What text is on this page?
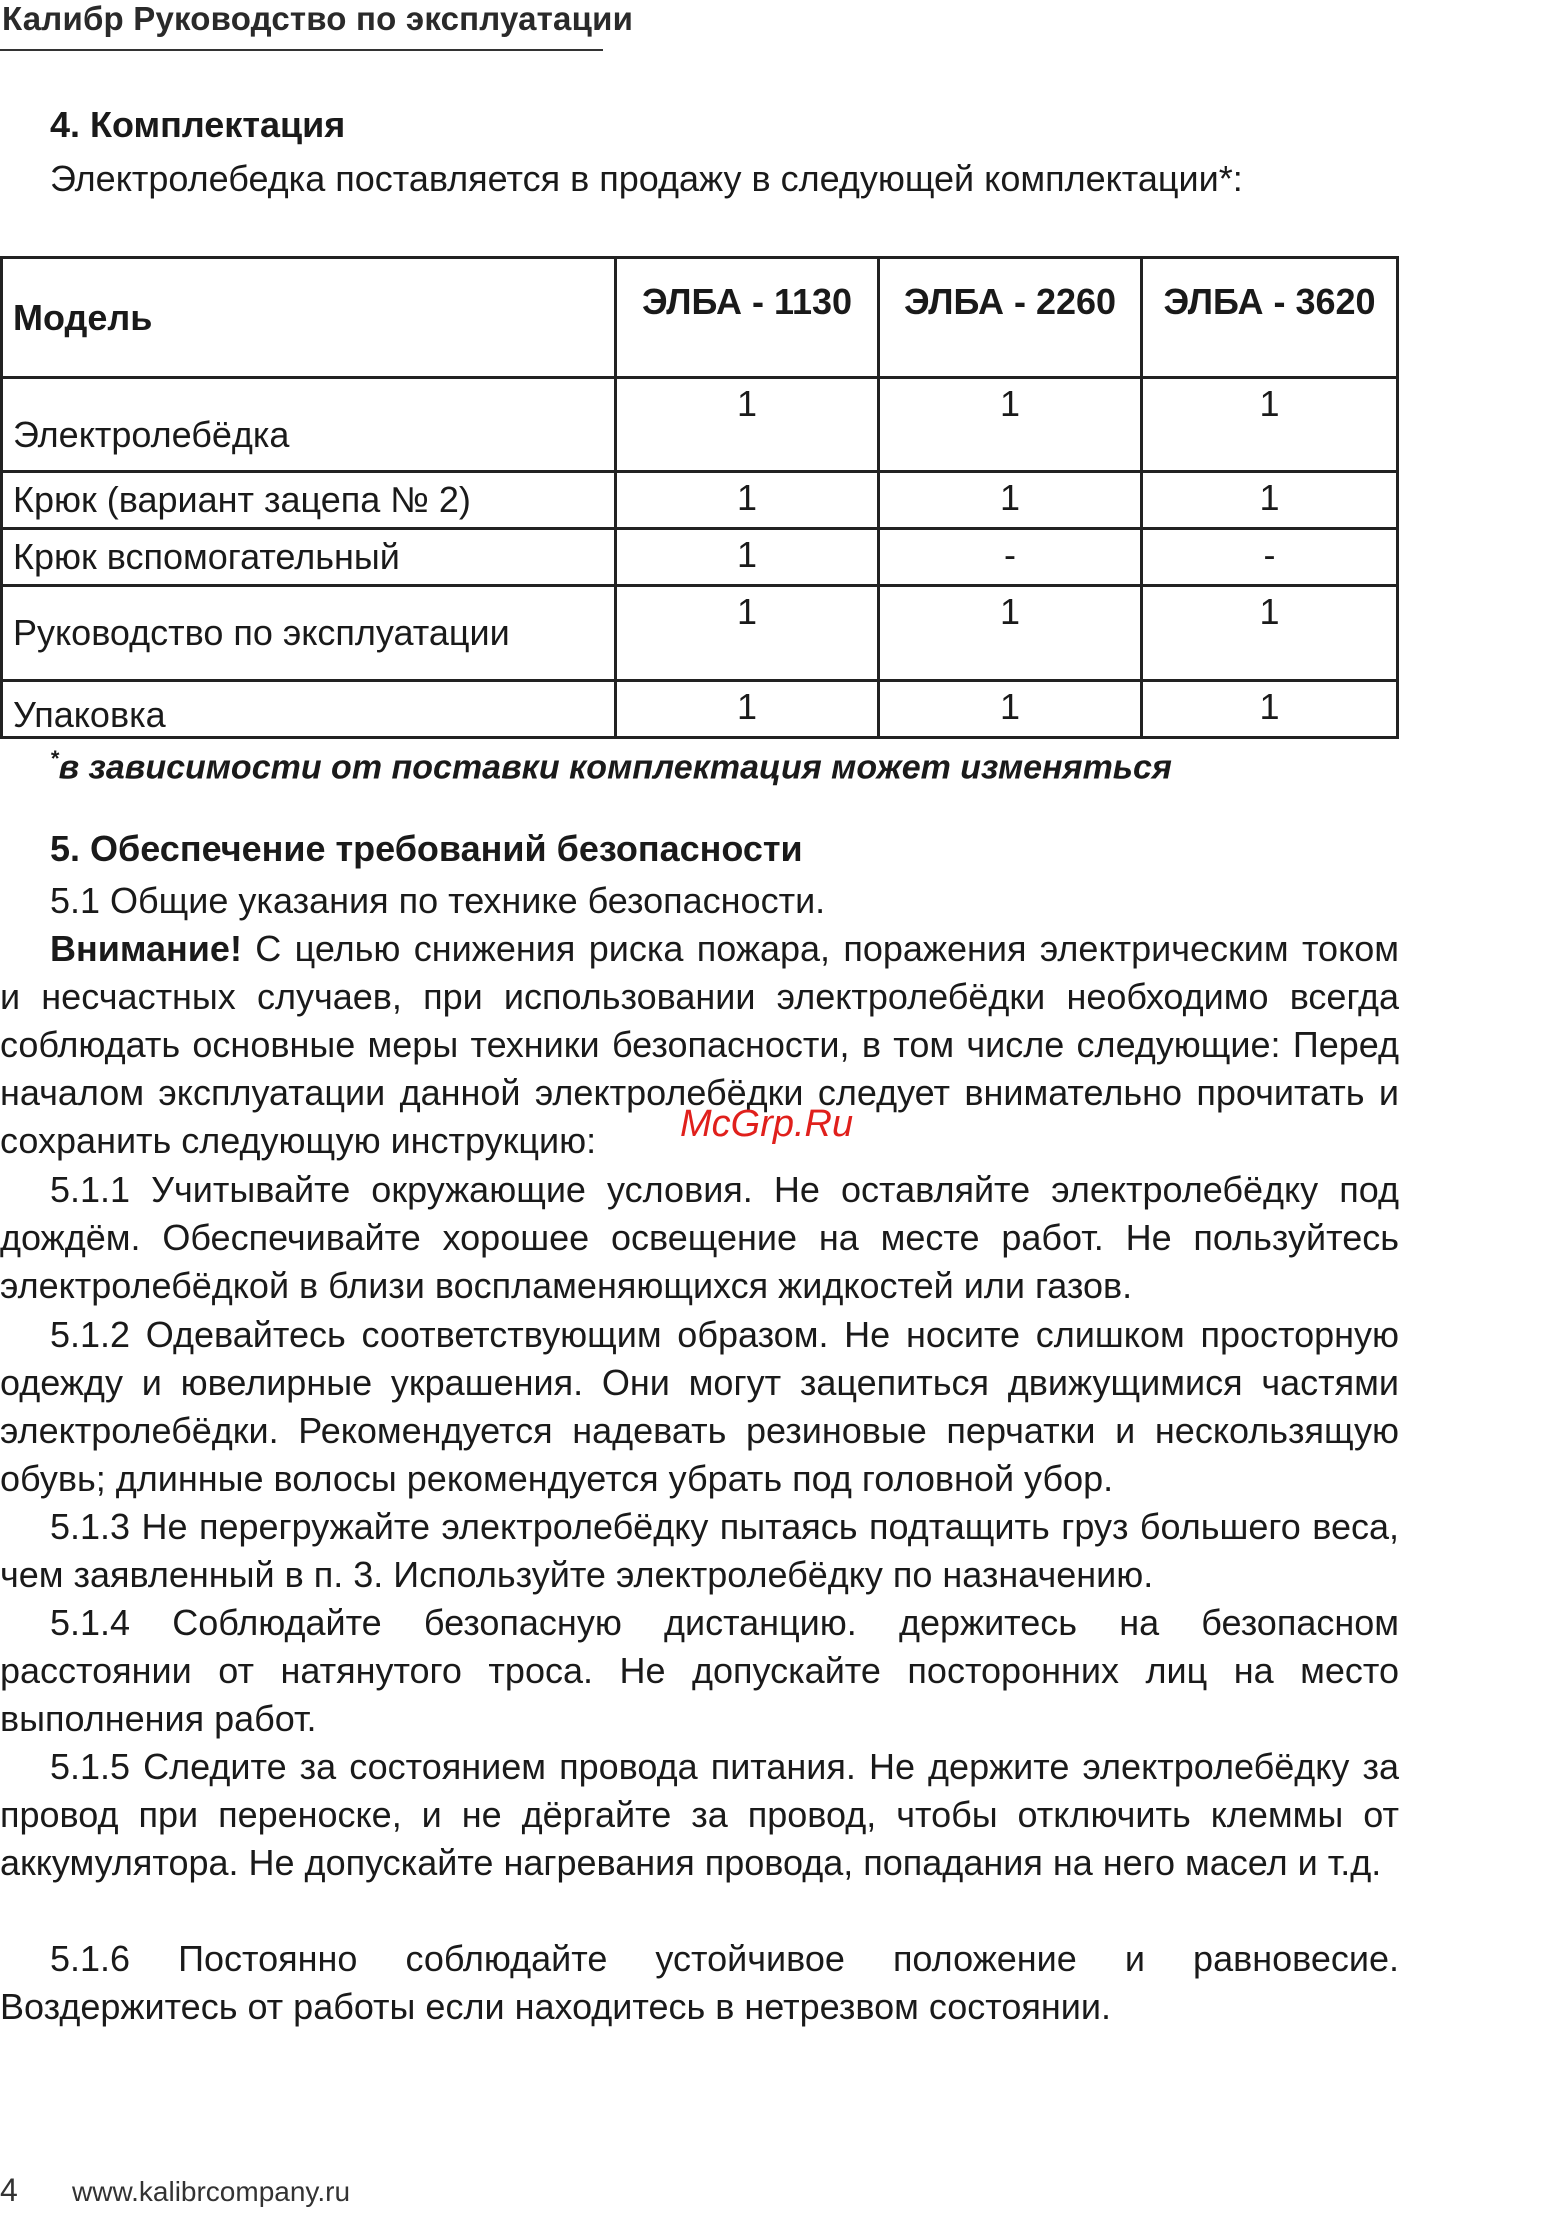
Калибр Руководство по эксплуатации
4. Комплектация
Электролебедка поставляется в продажу в следующей комплектации*:
Модель	ЭЛБА - 1130	ЭЛБА - 2260	ЭЛБА - 3620
Электролебёдка	1	1	1
Крюк (вариант зацепа № 2)	1	1	1
Крюк вспомогательный	1	-	-
Руководство по эксплуатации	1	1	1
Упаковка	1	1	1
*в зависимости от поставки комплектация может изменяться
5. Обеспечение требований безопасности
5.1 Общие указания по технике безопасности.
Внимание! С целью снижения риска пожара, поражения электрическим током и несчастных случаев, при использовании электролебёдки необходимо всегда соблюдать основные меры техники безопасности, в том числе следующие: Перед началом эксплуатации данной электролебёдки следует внимательно прочитать и сохранить следующую инструкцию:
5.1.1 Учитывайте окружающие условия. Не оставляйте электролебёдку под дождём. Обеспечивайте хорошее освещение на месте работ. Не пользуйтесь электролебёдкой в близи воспламеняющихся жидкостей или газов.
5.1.2 Одевайтесь соответствующим образом. Не носите слишком просторную одежду и ювелирные украшения. Они могут зацепиться движущимися частями электролебёдки. Рекомендуется надевать резиновые перчатки и нескользящую обувь; длинные волосы рекомендуется убрать под головной убор.
5.1.3 Не перегружайте электролебёдку пытаясь подтащить груз большего веса, чем заявленный в п. 3. Используйте электролебёдку по назначению.
5.1.4 Соблюдайте безопасную дистанцию. держитесь на безопасном расстоянии от натянутого троса. Не допускайте посторонних лиц на место выполнения работ.
5.1.5 Следите за состоянием провода питания. Не держите электролебёдку за провод при переноске, и не дёргайте за провод, чтобы отключить клеммы от аккумулятора. Не допускайте нагревания провода, попадания на него масел и т.д.
5.1.6 Постоянно соблюдайте устойчивое положение и равновесие. Воздержитесь от работы если находитесь в нетрезвом состоянии.
McGrp.Ru
4 www.kalibrcompany.ru
